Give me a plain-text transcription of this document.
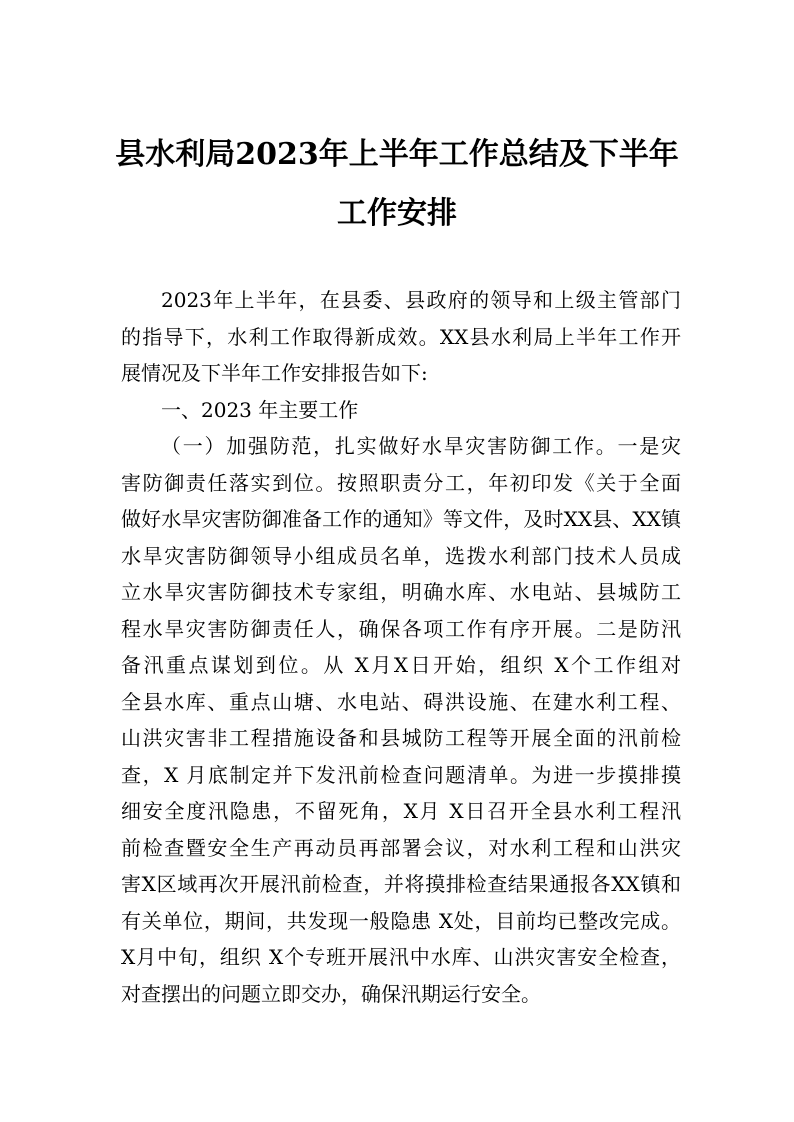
县水利局2023年上半年工作总结及下半年
工作安排
2023年上半年，在县委、县政府的领导和上级主管部门
的指导下，水利工作取得新成效。XX县水利局上半年工作开
展情况及下半年工作安排报告如下:
一、2023 年主要工作
（一）加强防范，扎实做好水旱灾害防御工作。一是灾
害防御责任落实到位。按照职责分工，年初印发《关于全面
做好水旱灾害防御准备工作的通知》等文件，及时XX县、XX镇
水旱灾害防御领导小组成员名单，选拨水利部门技术人员成
立水旱灾害防御技术专家组，明确水库、水电站、县城防工
程水旱灾害防御责任人，确保各项工作有序开展。二是防汛
备汛重点谋划到位。从 X月X日开始，组织 X个工作组对
全县水库、重点山塘、水电站、碍洪设施、在建水利工程、
山洪灾害非工程措施设备和县城防工程等开展全面的汛前检
查，X 月底制定并下发汛前检查问题清单。为进一步摸排摸
细安全度汛隐患，不留死角，X月 X日召开全县水利工程汛
前检查暨安全生产再动员再部署会议，对水利工程和山洪灾
害X区域再次开展汛前检查，并将摸排检查结果通报各XX镇和
有关单位，期间，共发现一般隐患 X处，目前均已整改完成。
X月中旬，组织 X个专班开展汛中水库、山洪灾害安全检查，
对查摆出的问题立即交办，确保汛期运行安全。
